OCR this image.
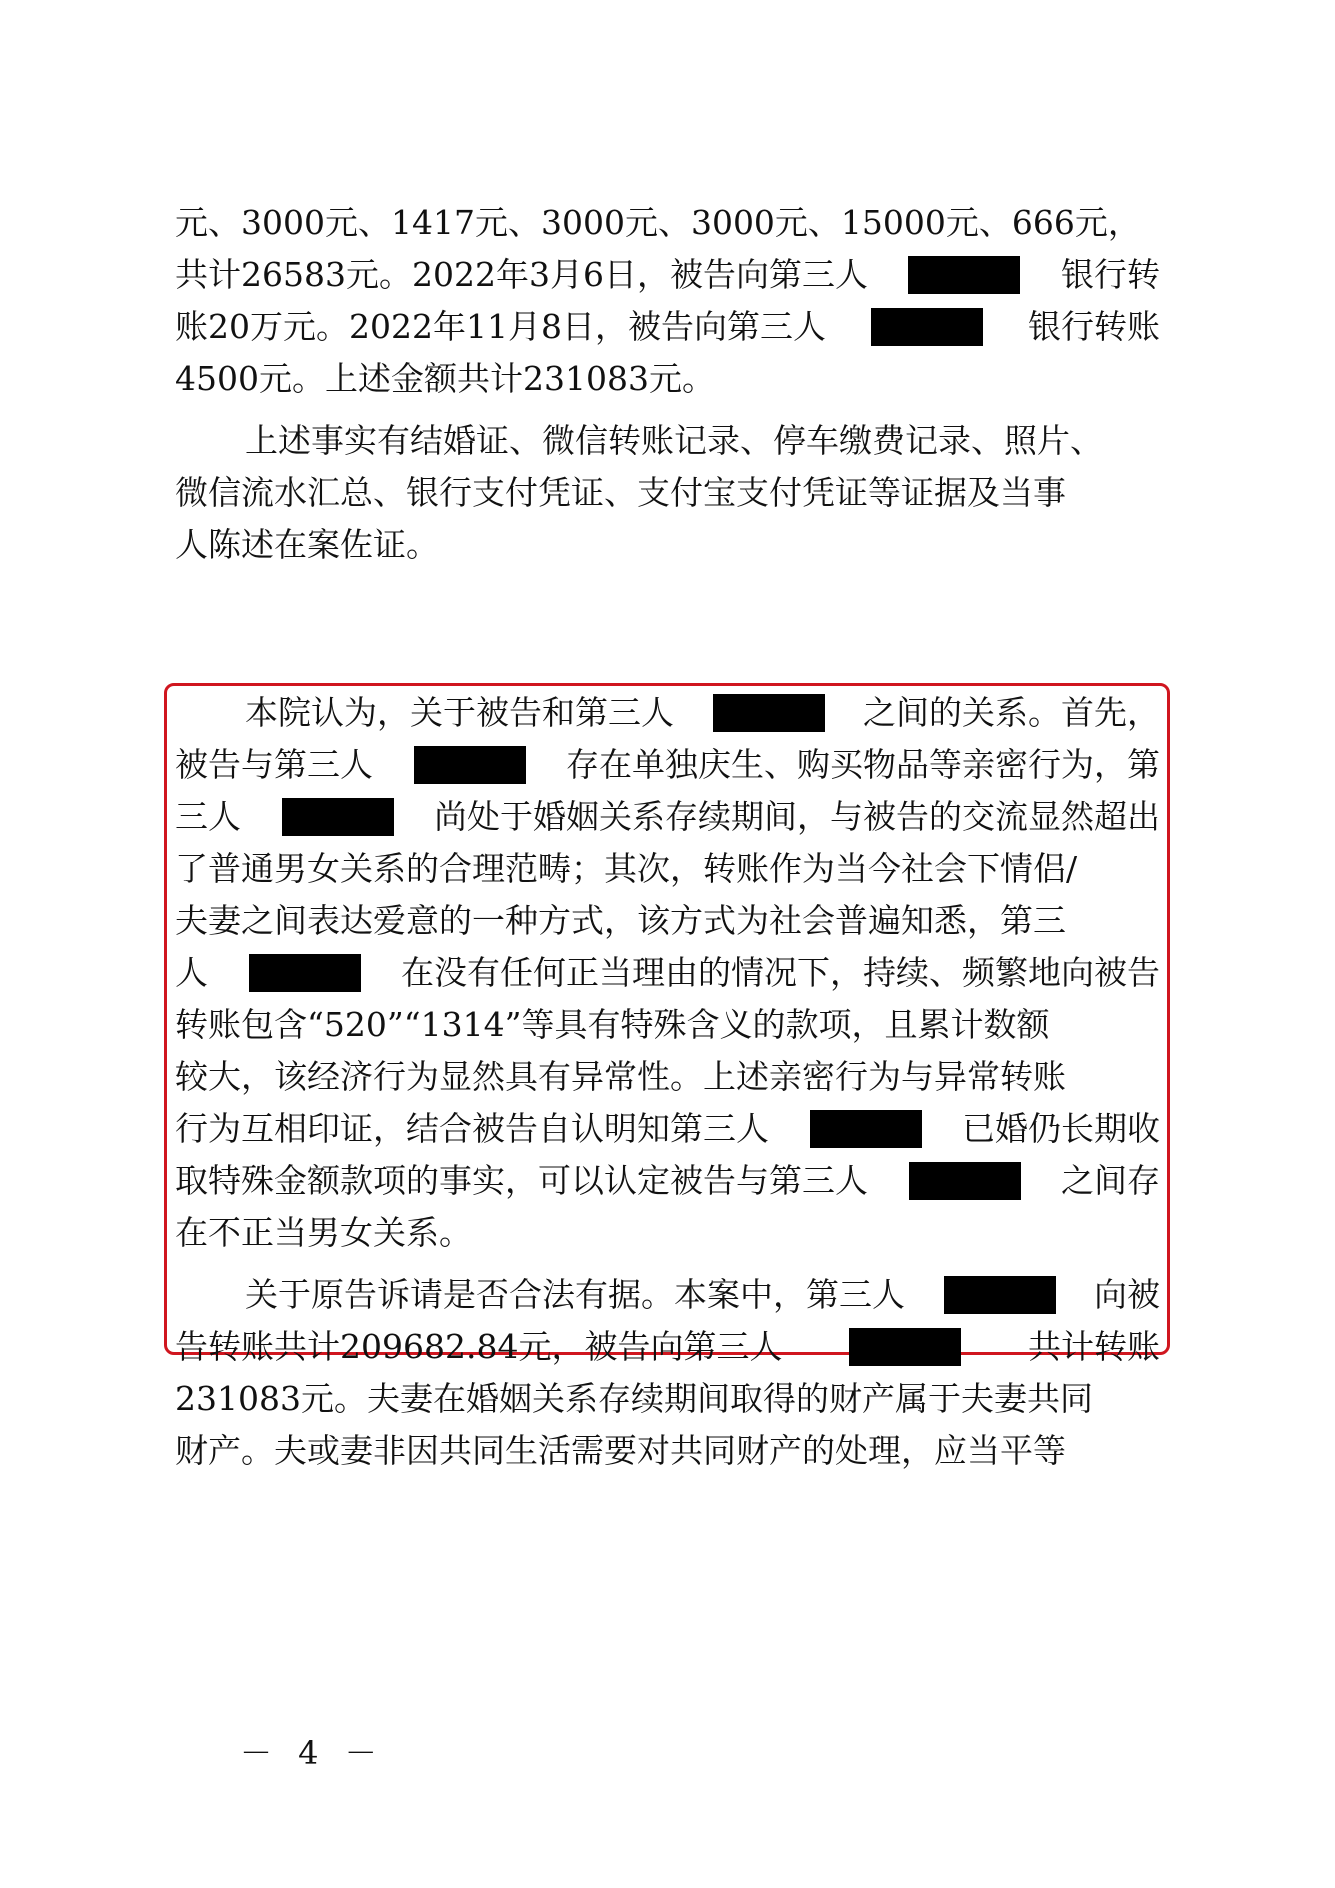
元、3000元、1417元、3000元、3000元、15000元、666元，
共计26583元。2022年3月6日，被告向第三人	银行转
账20万元。2022年11月8日，被告向第三人	银行转账
4500元。上述金额共计231083元。
上述事实有结婚证、微信转账记录、停车缴费记录、照片、
微信流水汇总、银行支付凭证、支付宝支付凭证等证据及当事
人陈述在案佐证。
本院认为，关于被告和第三人	之间的关系。首先，
被告与第三人	存在单独庆生、购买物品等亲密行为，第
三人	尚处于婚姻关系存续期间，与被告的交流显然超出
了普通男女关系的合理范畴；其次，转账作为当今社会下情侣/
夫妻之间表达爱意的一种方式，该方式为社会普遍知悉，第三
人	在没有任何正当理由的情况下，持续、频繁地向被告
转账包含“520”“1314”等具有特殊含义的款项，且累计数额
较大，该经济行为显然具有异常性。上述亲密行为与异常转账
行为互相印证，结合被告自认明知第三人	已婚仍长期收
取特殊金额款项的事实，可以认定被告与第三人	之间存
在不正当男女关系。
关于原告诉请是否合法有据。本案中，第三人	向被
告转账共计209682.84元，被告向第三人	共计转账
231083元。夫妻在婚姻关系存续期间取得的财产属于夫妻共同
财产。夫或妻非因共同生活需要对共同财产的处理，应当平等
－ 4 －
